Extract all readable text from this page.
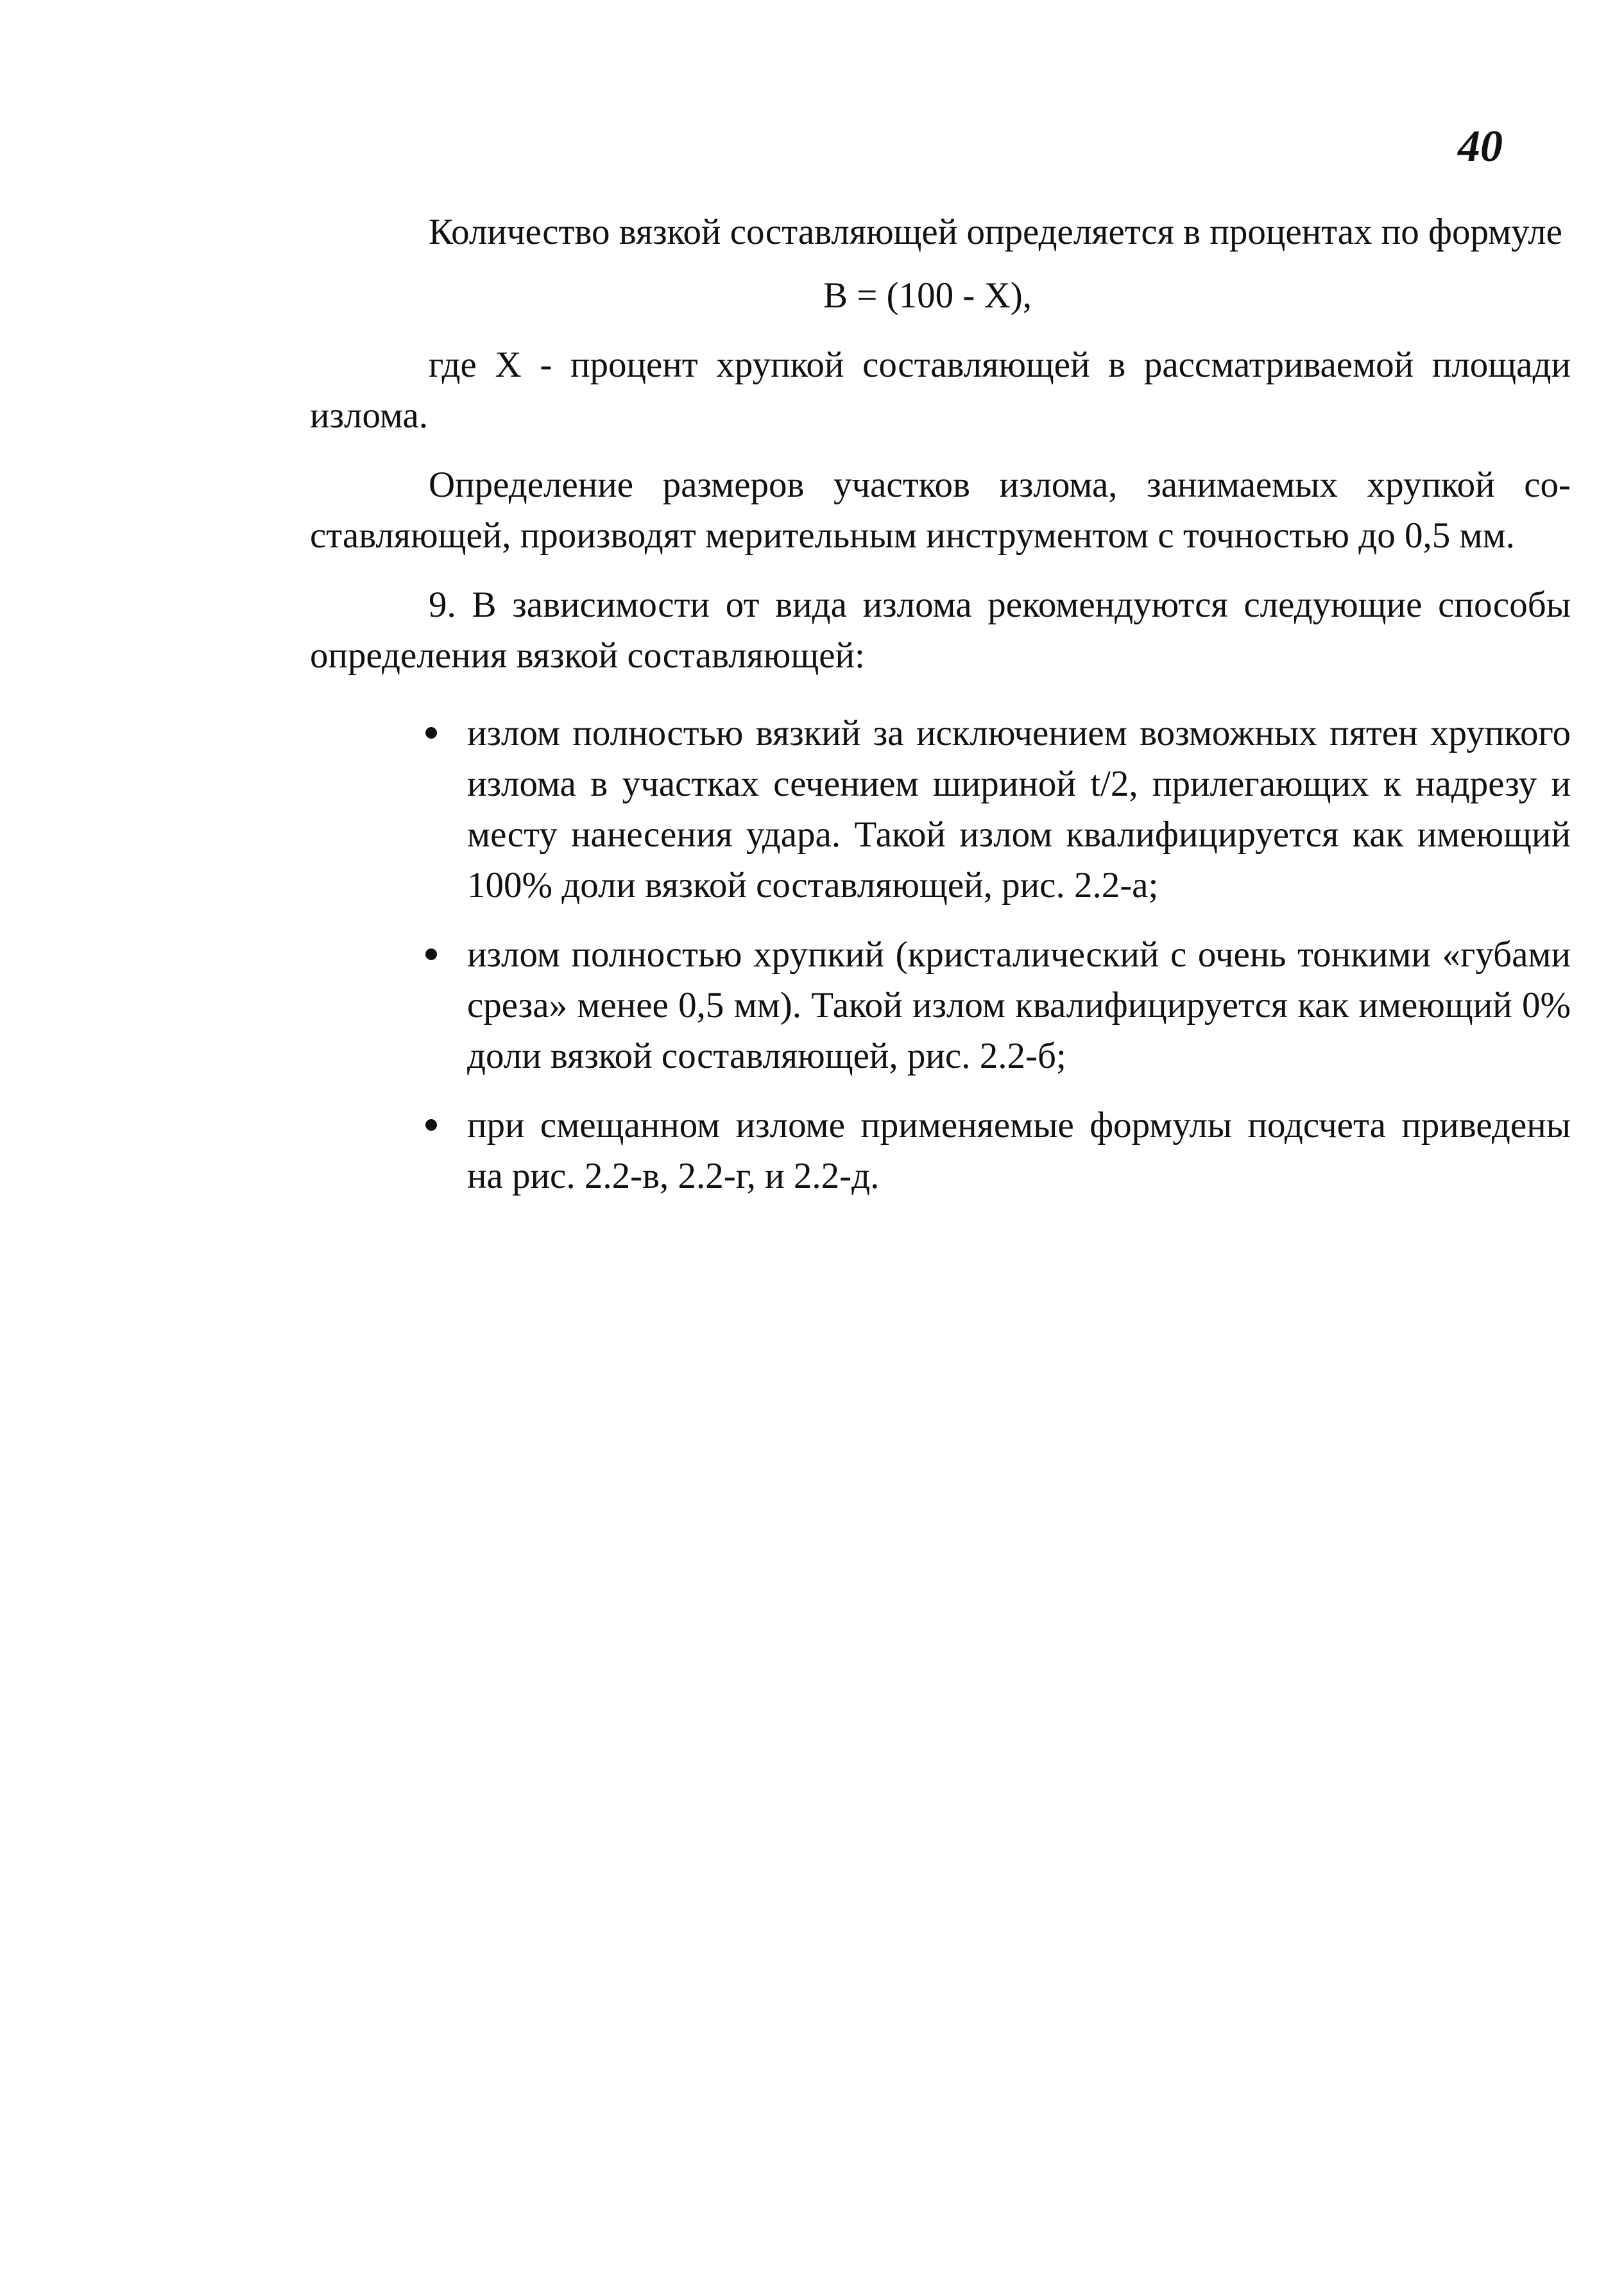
40

Количество вязкой составляющей определяется в процентах по формуле

B = (100 - X),

где X - процент хрупкой составляющей в рассматриваемой площади излома.

Определение размеров участков излома, занимаемых хрупкой составляющей, производят мерительным инструментом с точностью до 0,5 мм.

9. В зависимости от вида излома рекомендуются следующие способы определения вязкой составляющей:

излом полностью вязкий за исключением возможных пятен хрупкого излома в участках сечением шириной t/2, прилегающих к надрезу и месту нанесения удара. Такой излом квалифицируется как имеющий 100% доли вязкой составляющей, рис. 2.2-а;
излом полностью хрупкий (кристалический с очень тонкими «губами среза» менее 0,5 мм). Такой излом квалифицируется как имеющий 0% доли вязкой составляющей, рис. 2.2-б;
при смещанном изломе применяемые формулы подсчета приведены на рис. 2.2-в, 2.2-г, и 2.2-д.
